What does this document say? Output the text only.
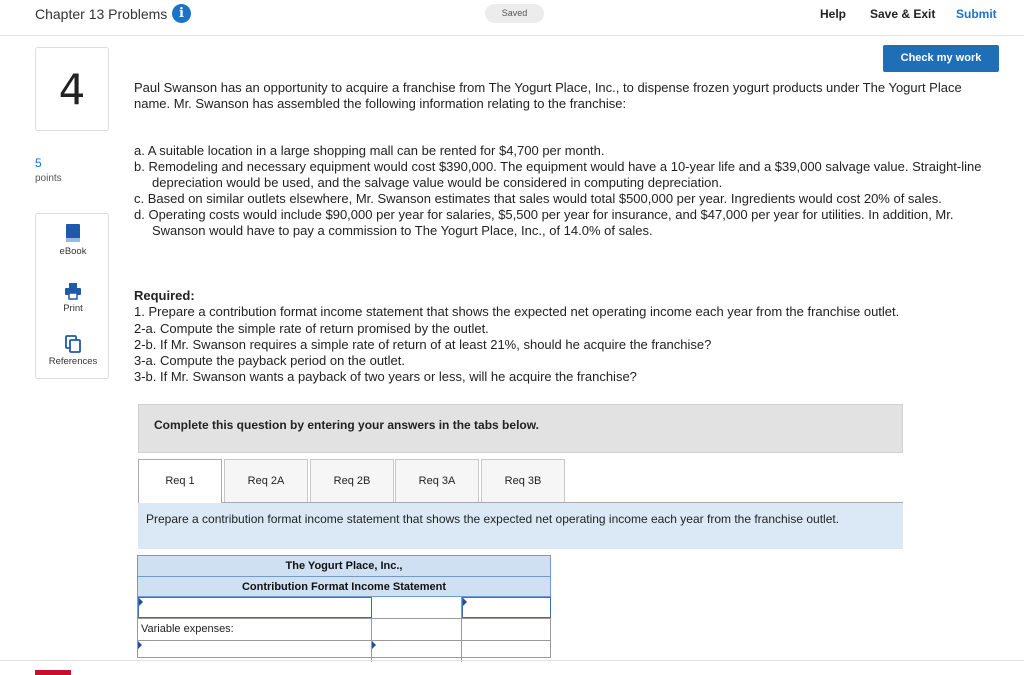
Chapter 13 Problems i	Saved	Help Save & Exit Submit
Check my work
4
5
points
eBook
Print
References
Paul Swanson has an opportunity to acquire a franchise from The Yogurt Place, Inc., to dispense frozen yogurt products under The Yogurt Place name. Mr. Swanson has assembled the following information relating to the franchise:
a. A suitable location in a large shopping mall can be rented for $4,700 per month.
b. Remodeling and necessary equipment would cost $390,000. The equipment would have a 10-year life and a $39,000 salvage value. Straight-line depreciation would be used, and the salvage value would be considered in computing depreciation.
c. Based on similar outlets elsewhere, Mr. Swanson estimates that sales would total $500,000 per year. Ingredients would cost 20% of sales.
d. Operating costs would include $90,000 per year for salaries, $5,500 per year for insurance, and $47,000 per year for utilities. In addition, Mr. Swanson would have to pay a commission to The Yogurt Place, Inc., of 14.0% of sales.
Required:
1. Prepare a contribution format income statement that shows the expected net operating income each year from the franchise outlet.
2-a. Compute the simple rate of return promised by the outlet.
2-b. If Mr. Swanson requires a simple rate of return of at least 21%, should he acquire the franchise?
3-a. Compute the payback period on the outlet.
3-b. If Mr. Swanson wants a payback of two years or less, will he acquire the franchise?
Complete this question by entering your answers in the tabs below.
Req 1	Req 2A	Req 2B	Req 3A	Req 3B
Prepare a contribution format income statement that shows the expected net operating income each year from the franchise outlet.
The Yogurt Place, Inc.,
Contribution Format Income Statement
Variable expenses:
